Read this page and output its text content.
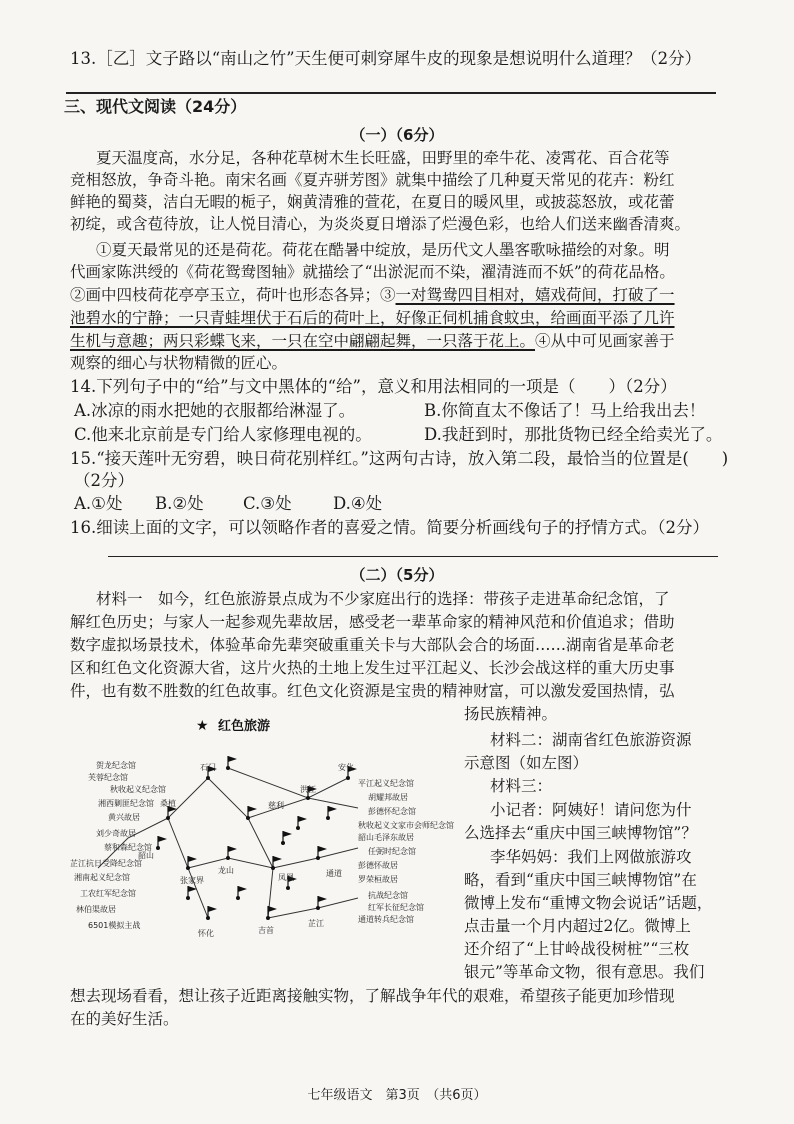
13.［乙］文子路以“南山之竹”天生便可刺穿犀牛皮的现象是想说明什么道理？（2分）
三、现代文阅读（24分）
（一）（6分）
夏天温度高，水分足，各种花草树木生长旺盛，田野里的牵牛花、凌霄花、百合花等
竞相怒放，争奇斗艳。南宋名画《夏卉骈芳图》就集中描绘了几种夏天常见的花卉：粉红
鲜艳的蜀葵，洁白无暇的栀子，娴黄清雅的萱花，在夏日的暖风里，或披蕊怒放，或花蕾
初绽，或含苞待放，让人悦目清心，为炎炎夏日增添了烂漫色彩，也给人们送来幽香清爽。
①夏天最常见的还是荷花。荷花在酷暑中绽放，是历代文人墨客歌咏描绘的对象。明
代画家陈洪绶的《荷花鸳鸯图轴》就描绘了“出淤泥而不染，濯清涟而不妖”的荷花品格。
②画中四枝荷花亭亭玉立，荷叶也形态各异；③一对鸳鸯四目相对，嬉戏荷间，打破了一
池碧水的宁静；一只青蛙埋伏于石后的荷叶上，好像正伺机捕食蚊虫，给画面平添了几许
生机与意趣；两只彩蝶飞来，一只在空中翩翩起舞，一只落于花上。④从中可见画家善于
观察的细心与状物精微的匠心。
14.下列句子中的“给”与文中黑体的“给”，意义和用法相同的一项是（　　）（2分）
A.冰凉的雨水把她的衣服都给淋湿了。	B.你简直太不像话了！马上给我出去！
C.他来北京前是专门给人家修理电视的。	D.我赶到时，那批货物已经全给卖光了。
15.“接天莲叶无穷碧，映日荷花别样红。”这两句古诗，放入第二段，最恰当的位置是(　　)
（2分）
A.①处 B.②处 C.③处	D.④处
16.细读上面的文字，可以领略作者的喜爱之情。简要分析画线句子的抒情方式。（2分）
（二）（5分）
材料一　如今，红色旅游景点成为不少家庭出行的选择：带孩子走进革命纪念馆，了
解红色历史；与家人一起参观先辈故居，感受老一辈革命家的精神风范和价值追求；借助
数字虚拟场景技术，体验革命先辈突破重重关卡与大部队会合的场面……湖南省是革命老
区和红色文化资源大省，这片火热的土地上发生过平江起义、长沙会战这样的重大历史事
件，也有数不胜数的红色故事。红色文化资源是宝贵的精神财富，可以激发爱国热情，弘
扬民族精神。
材料二：湖南省红色旅游资源
示意图（如左图）
材料三：
小记者：阿姨好！请问您为什
么选择去“重庆中国三峡博物馆”？
李华妈妈：我们上网做旅游攻
略，看到“重庆中国三峡博物馆”在
微博上发布“重博文物会说话”话题，
点击量一个月内超过2亿。微博上
还介绍了“上甘岭战役树桩”“三枚
银元”等革命文物，很有意思。我们
想去现场看看，想让孩子近距离接触实物，了解战争年代的艰难，希望孩子能更加珍惜现
在的美好生活。
贺龙纪念馆
芙蓉纪念馆
秋收起义纪念馆
湘西剿匪纪念馆
黄兴故居
刘少奇故居
蔡和森纪念馆
芷江抗日受降纪念馆
湘南起义纪念馆
工农红军纪念馆
林伯渠故居
6501模拟主战
平江起义纪念馆
胡耀邦故居
彭德怀纪念馆
秋收起义文家市会师纪念馆
韶山毛泽东故居
任弼时纪念馆
彭德怀故居
罗荣桓故居
抗战纪念馆
红军长征纪念馆
通道转兵纪念馆
石门
慈利
桑植
张家界
龙山
凤凰
吉首
怀化
洪江
通道
芷江
安化
韶山
红色旅游
★
七年级语文　第3页　（共6页）
